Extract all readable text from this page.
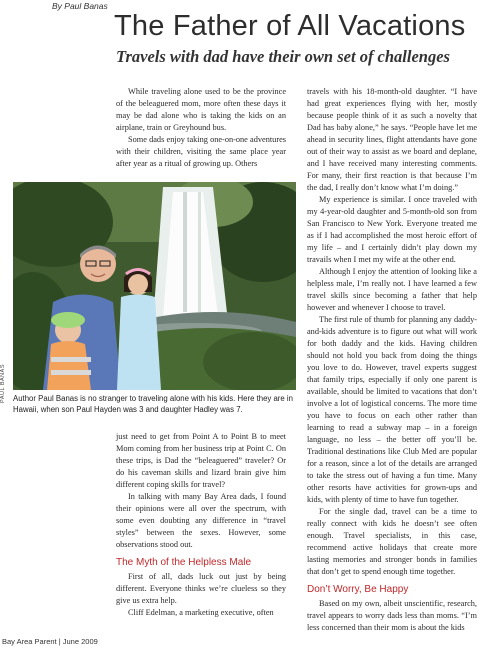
By Paul Banas
The Father of All Vacations
Travels with dad have their own set of challenges

While traveling alone used to be the province of the beleaguered mom, more often these days it may be dad alone who is taking the kids on an airplane, train or Greyhound bus.

Some dads enjoy taking one-on-one adventures with their children, visiting the same place year after year as a ritual of growing up. Others

travels with his 18-month-old daughter. “I have had great experiences flying with her, mostly because people think of it as such a novelty that Dad has baby alone,” he says. “People have let me ahead in security lines, flight attendants have gone out of their way to assist as we board and deplane, and I have received many interesting comments. For many, their first reaction is that because I’m the dad, I really don’t know what I’m doing.”

My experience is similar. I once traveled with my 4-year-old daughter and 5-month-old son from San Francisco to New York. Everyone treated me as if I had accomplished the most heroic effort of my life – and I certainly didn’t play down my travails when I met my wife at the other end.

Although I enjoy the attention of looking like a helpless male, I’m really not. I have learned a few travel skills since becoming a father that help however and whenever I choose to travel.

The first rule of thumb for planning any daddy-and-kids adventure is to figure out what will work for both daddy and the kids. Having children should not hold you back from doing the things you love to do. However, travel experts suggest that family trips, especially if only one parent is available, should be limited to vacations that don’t involve a lot of logistical concerns. The more time you have to focus on each other rather than learning to read a subway map – in a foreign language, no less – the better off you’ll be. Traditional destinations like Club Med are popular for a reason, since a lot of the details are arranged to take the stress out of having a fun time. Many other resorts have activities for grown-ups and kids, with plenty of time to have fun together.

For the single dad, travel can be a time to really connect with kids he doesn’t see often enough. Travel specialists, in this case, recommend active holidays that create more lasting memories and stronger bonds in families that don’t get to spend enough time together.

Don’t Worry, Be Happy

Based on my own, albeit unscientific, research, travel appears to worry dads less than moms. “I’m less concerned than their mom is about the kids

PAUL BANAS Author Paul Banas is no stranger to traveling alone with his kids. Here they are in Hawaii, when son Paul Hayden was 3 and daughter Hadley was 7.

just need to get from Point A to Point B to meet Mom coming from her business trip at Point C. On these trips, is Dad the “beleaguered” traveler? Or do his caveman skills and lizard brain give him different coping skills for travel?

In talking with many Bay Area dads, I found their opinions were all over the spectrum, with some even doubting any difference in “travel styles” between the sexes. However, some observations stood out.

The Myth of the Helpless Male

First of all, dads luck out just by being different. Everyone thinks we’re clueless so they give us extra help.

Cliff Edelman, a marketing executive, often

Bay Area Parent | June 2009
